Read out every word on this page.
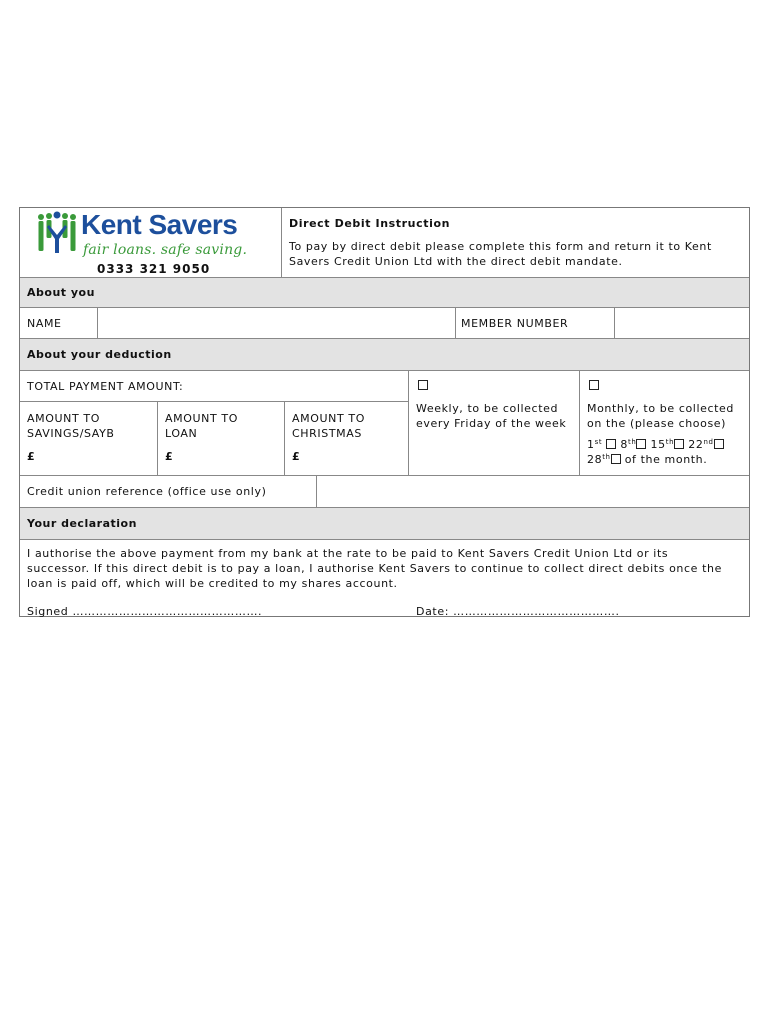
Kent Savers
fair loans. safe saving.
0333 321 9050
Direct Debit Instruction
To pay by direct debit please complete this form and return it to Kent
Savers Credit Union Ltd with the direct debit mandate.
About you
NAME	MEMBER NUMBER
About your deduction
TOTAL PAYMENT AMOUNT:
AMOUNT TO
SAVINGS/SAYB
£
AMOUNT TO
LOAN
£
AMOUNT TO
CHRISTMAS
£
Weekly, to be collected
every Friday of the week
Monthly, to be collected
on the (please choose)
1st 8th 15th 22nd
28th of the month.
Credit union reference (office use only)
Your declaration
I authorise the above payment from my bank at the rate to be paid to Kent Savers Credit Union Ltd or its
successor. If this direct debit is to pay a loan, I authorise Kent Savers to continue to collect direct debits once the
loan is paid off, which will be credited to my shares account.
Signed ………………………………………….	Date: …………………………………….
